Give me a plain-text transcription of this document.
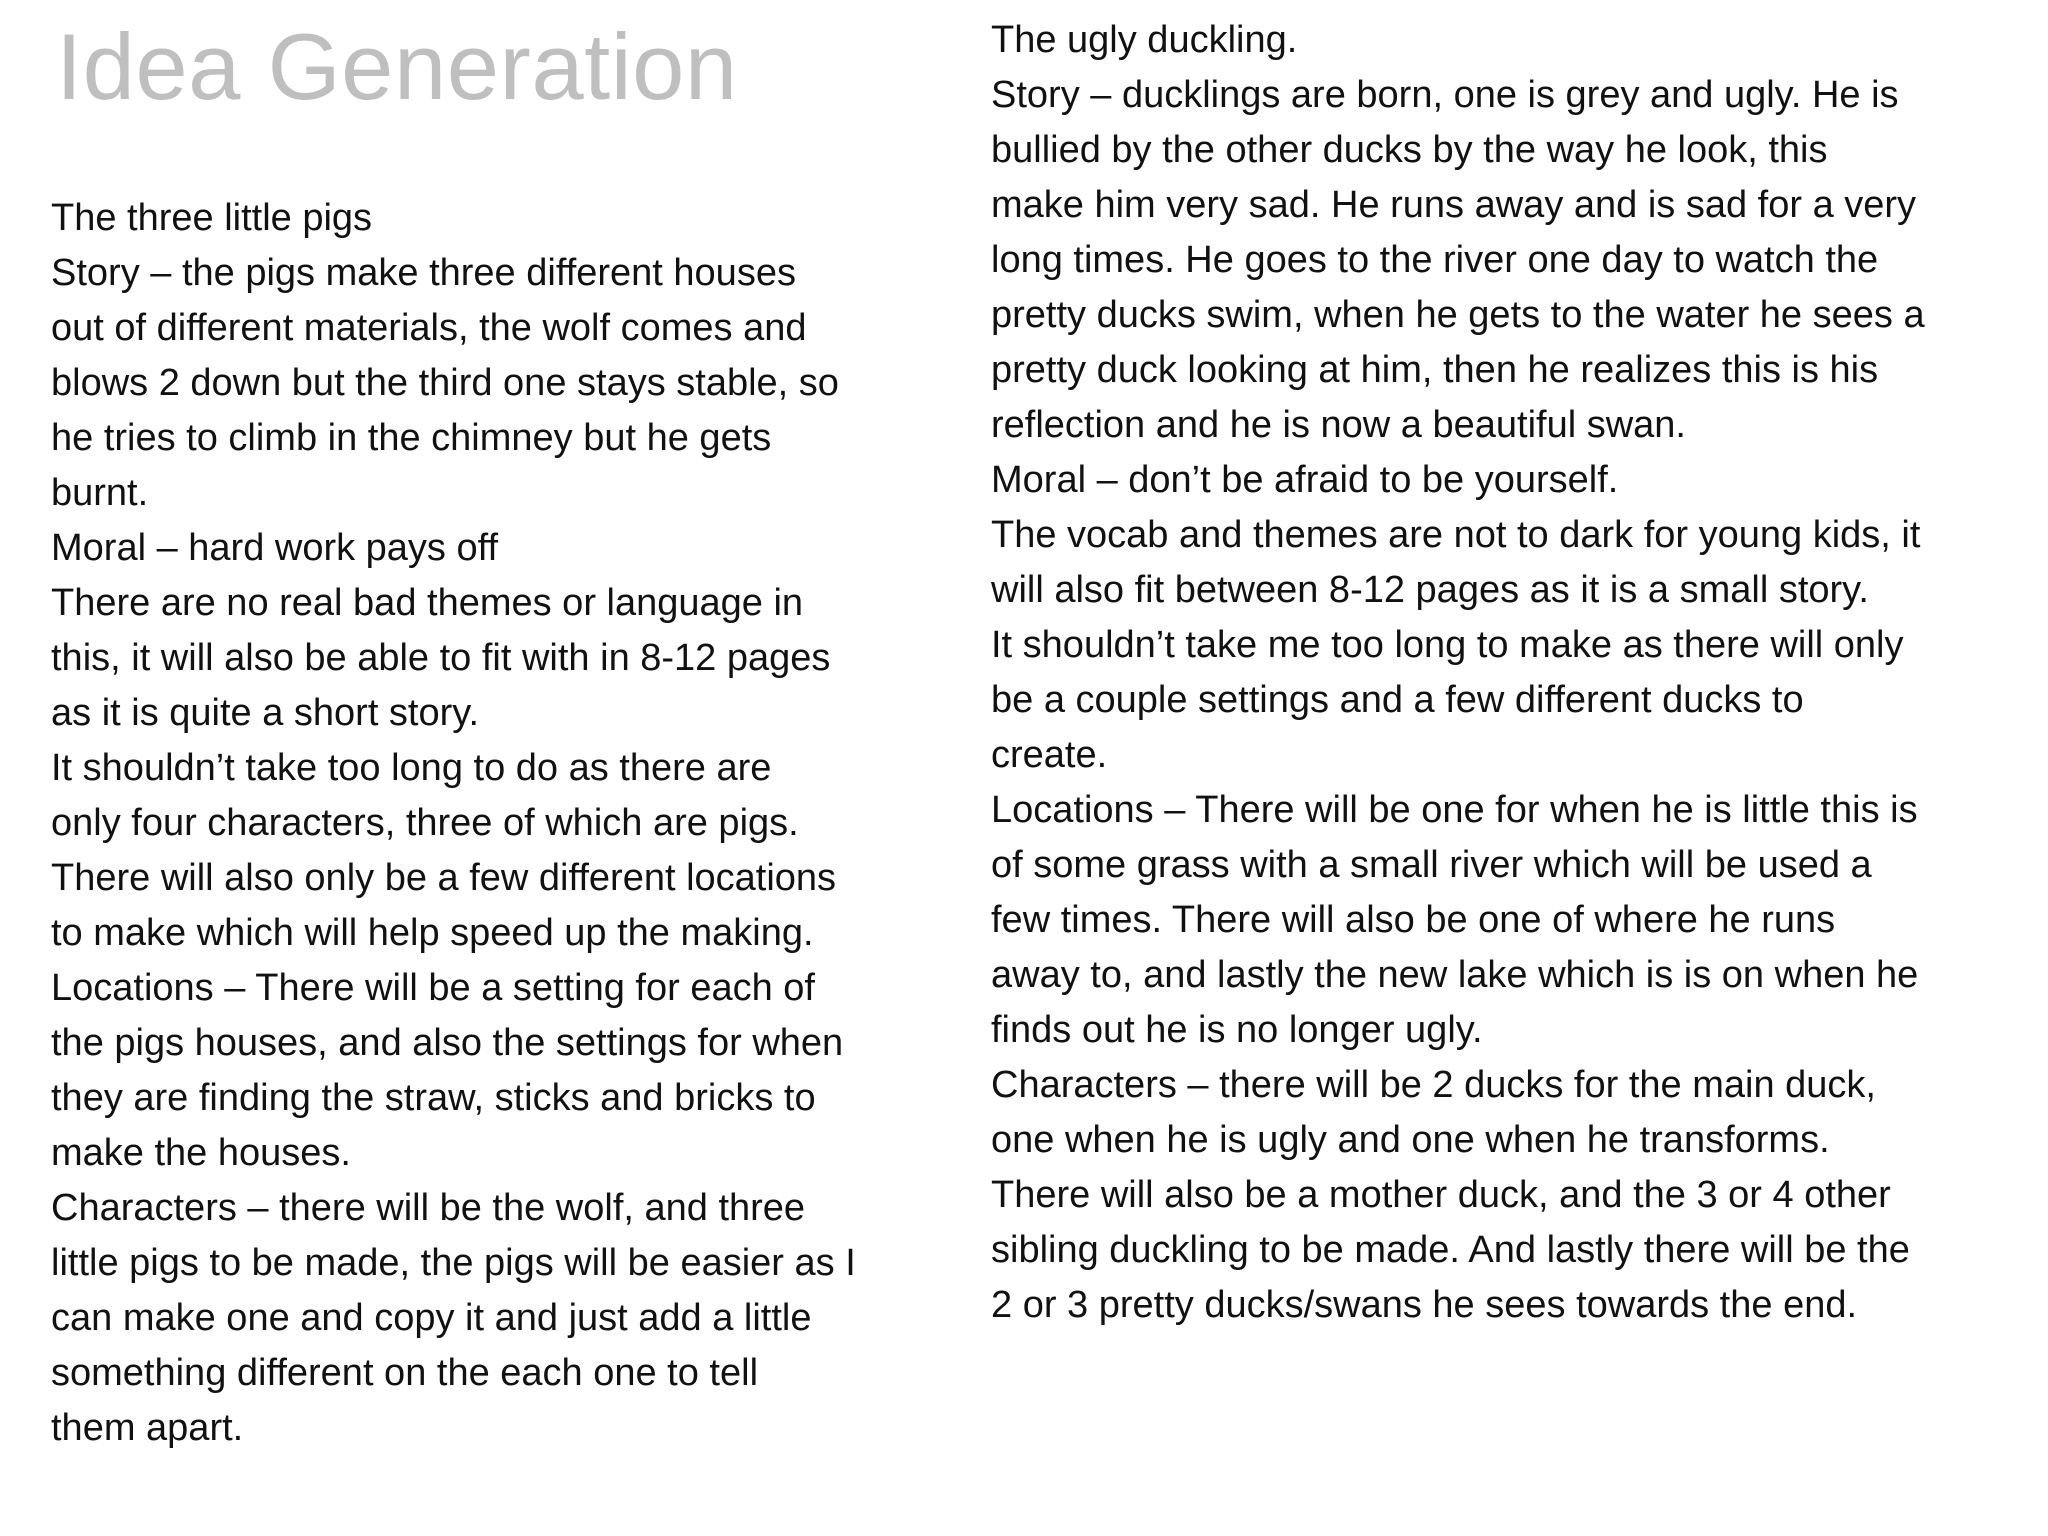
Idea Generation
The three little pigs
Story – the pigs make three different houses
out of different materials, the wolf comes and
blows 2 down but the third one stays stable, so
he tries to climb in the chimney but he gets
burnt.
Moral – hard work pays off
There are no real bad themes or language in
this, it will also be able to fit with in 8-12 pages
as it is quite a short story.
It shouldn’t take too long to do as there are
only four characters, three of which are pigs.
There will also only be a few different locations
to make which will help speed up the making.
Locations – There will be a setting for each of
the pigs houses, and also the settings for when
they are finding the straw, sticks and bricks to
make the houses.
Characters – there will be the wolf, and three
little pigs to be made, the pigs will be easier as I
can make one and copy it and just add a little
something different on the each one to tell
them apart.
The ugly duckling.
Story – ducklings are born, one is grey and ugly. He is
bullied by the other ducks by the way he look, this
make him very sad. He runs away and is sad for a very
long times. He goes to the river one day to watch the
pretty ducks swim, when he gets to the water he sees a
pretty duck looking at him, then he realizes this is his
reflection and he is now a beautiful swan.
Moral – don’t be afraid to be yourself.
The vocab and themes are not to dark for young kids, it
will also fit between 8-12 pages as it is a small story.
It shouldn’t take me too long to make as there will only
be a couple settings and a few different ducks to
create.
Locations – There will be one for when he is little this is
of some grass with a small river which will be used a
few times. There will also be one of where he runs
away to, and lastly the new lake which is is on when he
finds out he is no longer ugly.
Characters – there will be 2 ducks for the main duck,
one when he is ugly and one when he transforms.
There will also be a mother duck, and the 3 or 4 other
sibling duckling to be made. And lastly there will be the
2 or 3 pretty ducks/swans he sees towards the end.
